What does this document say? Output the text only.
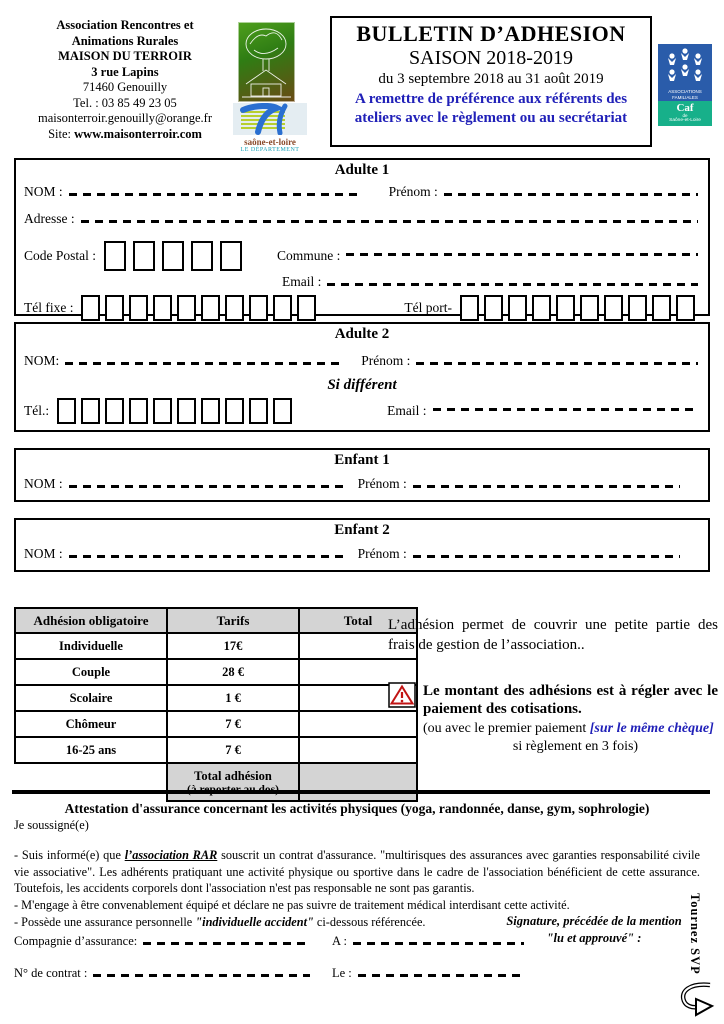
Association Rencontres et
Animations Rurales
MAISON DU TERROIR
3 rue Lapins
71460 Genouilly
Tel. : 03 85 49 23 05
maisonterroir.genouilly@orange.fr
Site: www.maisonterroir.com
saône-et-loire
LE DÉPARTEMENT
BULLETIN D’ADHESION
SAISON 2018-2019
du 3 septembre 2018 au 31 août 2019
A remettre de préférence aux référents des
ateliers avec le règlement ou au secrétariat
ASSOCIATIONS
FAMILIALES
Caf
de
Saône-et-Loire
Adulte 1
NOM :	Prénom :
Adresse :
Code Postal :	Commune :
Email :
Tél fixe :	Tél port-
Adulte 2
NOM:	Prénom :
Si différent
Tél.:	Email :
Enfant 1
NOM :	Prénom :
Enfant 2
NOM :	Prénom :
Adhésion obligatoire	Tarifs	Total
Individuelle	17€	
Couple	28 €	
Scolaire	1 €	
Chômeur	7 €	
16-25 ans	7 €	

	Total adhésion	

L’adhésion permet de couvrir une petite partie des frais de gestion de l’association..
Le montant des adhésions est à régler avec le paiement des cotisations.
(ou avec le premier paiement [sur le même chèque]
si règlement en 3 fois)
Attestation d'assurance concernant les activités physiques (yoga, randonnée, danse, gym, sophrologie)
Je soussigné(e)
- Suis informé(e) que l’association RAR souscrit un contrat d'assurance. "multirisques des assurances avec garanties responsabilité civile vie associative". Les adhérents pratiquant une activité physique ou sportive dans le cadre de l'association bénéficient de cette assurance. Toutefois, les accidents corporels dont l'association n'est pas responsable ne sont pas garantis.
- M'engage à être convenablement équipé et déclare ne pas suivre de traitement médical interdisant cette activité.
- Possède une assurance personnelle "individuelle accident" ci-dessous référencée.	Signature, précédée de la mention
"lu et approuvé" :
Compagnie d’assurance:	A :
N° de contrat :	Le :	Tournez SVP
